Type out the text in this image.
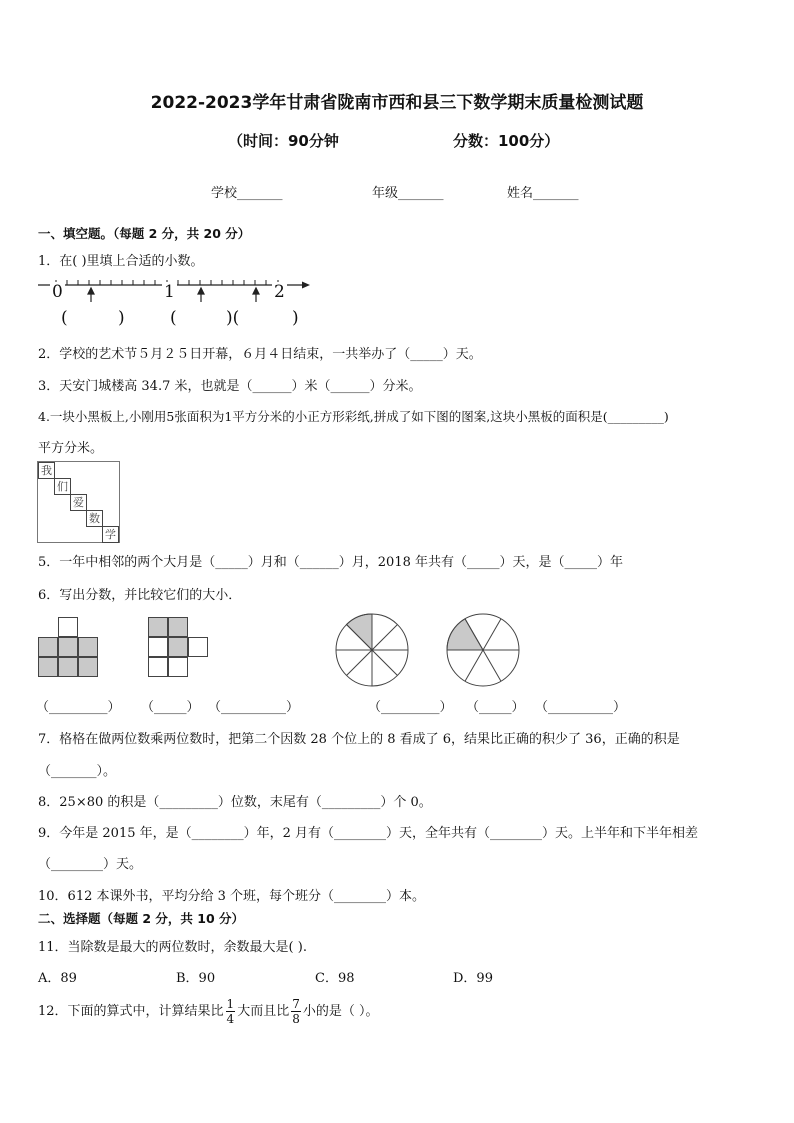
2022-2023学年甘肃省陇南市西和县三下数学期末质量检测试题
（时间：90分钟	分数：100分）
学校_______	年级_______	姓名_______
一、填空题。（每题 2 分，共 20 分）
1．在( )里填上合适的小数。
0	1	2
(	)	(	)(	)
2．学校的艺术节５月２５日开幕，６月４日结束，一共举办了（_____）天。
3．天安门城楼高 34.7 米，也就是（______）米（______）分米。
4.一块小黑板上,小刚用5张面积为1平方分米的小正方形彩纸,拼成了如下图的图案,这块小黑板的面积是(_________)
平方分米。
我
们
爱
数
学
5．一年中相邻的两个大月是（_____）月和（______）月，2018 年共有（_____）天，是（_____）年
6．写出分数，并比较它们的大小．
（_________） （_____） （__________）	（_________） （_____） （__________）
7．格格在做两位数乘两位数时，把第二个因数 28 个位上的 8 看成了 6，结果比正确的积少了 36，正确的积是
（_______）。
8．25×80 的积是（_________）位数，末尾有（_________）个 0。
9．今年是 2015 年，是（________）年，2 月有（________）天，全年共有（________）天。上半年和下半年相差
（________）天。
10．612 本课外书，平均分给 3 个班，每个班分（________）本。
二、选择题（每题 2 分，共 10 分）
11．当除数是最大的两位数时，余数最大是( ).
A．89	B．90	C．98	D．99
12．下面的算式中，计算结果比 $\frac{1}{4}$ 大而且比 $\frac{7}{8}$ 小的是（ ）。
